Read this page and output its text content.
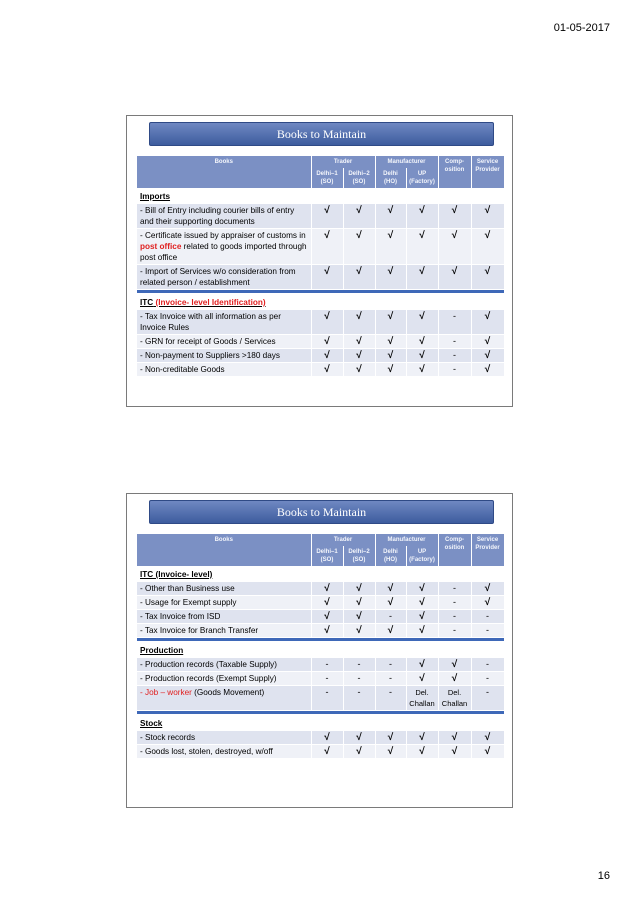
01-05-2017
Books to Maintain
Books	Trader		Manufacturer		Comp-osition	Service Provider
	Delhi–1 (SO)	Delhi–2 (SO)	Delhi (HO)	UP (Factory)		
Imports						
- Bill of Entry including courier bills of entry and their supporting documents	√	√	√	√	√	√
- Certificate issued by appraiser of customs in post office related to goods imported through post office	√	√	√	√	√	√
- Import of Services w/o consideration from related person / establishment	√	√	√	√	√	√

ITC (Invoice- level Identification)						
- Tax Invoice with all information as per Invoice Rules	√	√	√	√	-	√
- GRN for receipt of Goods / Services	√	√	√	√	-	√
- Non-payment to Suppliers >180 days	√	√	√	√	-	√
- Non-creditable Goods	√	√	√	√	-	√
Books to Maintain
Books	Trader		Manufacturer		Comp-osition	Service Provider
	Delhi–1 (SO)	Delhi–2 (SO)	Delhi (HO)	UP (Factory)		
ITC (Invoice- level)						
- Other than Business use	√	√	√	√	-	√
- Usage for Exempt supply	√	√	√	√	-	√
- Tax Invoice from ISD	√	√	-	√	-	-
- Tax Invoice for Branch Transfer	√	√	√	√	-	-

Production						
- Production records (Taxable Supply)	-	-	-	√	√	-
- Production records (Exempt Supply)	-	-	-	√	√	-
- Job – worker (Goods Movement)	-	-	-	Del. Challan	Del. Challan	-

Stock						
- Stock records	√	√	√	√	√	√
- Goods lost, stolen, destroyed, w/off	√	√	√	√	√	√
16
